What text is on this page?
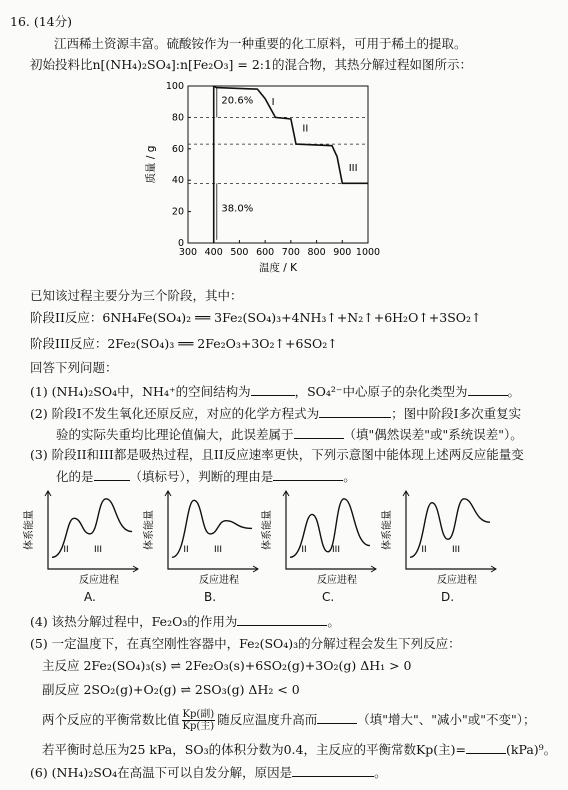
16. (14分)
江西稀土资源丰富。硫酸铵作为一种重要的化工原料，可用于稀土的提取。
初始投料比n[(NH₄)₂SO₄]:n[Fe₂O₃] = 2:1的混合物，其热分解过程如图所示：
300 400 500 600 700 800 900 1000
0
20
40
60
80
100
温度 / K
质量 / g
20.6%
38.0%
I
II
III
已知该过程主要分为三个阶段，其中：
阶段II反应：6NH₄Fe(SO₄)₂ ══ 3Fe₂(SO₄)₃+4NH₃↑+N₂↑+6H₂O↑+3SO₂↑
阶段III反应：2Fe₂(SO₄)₃ ══ 2Fe₂O₃+3O₂↑+6SO₂↑
回答下列问题：
(1) (NH₄)₂SO₄中，NH₄⁺的空间结构为	，SO₄²⁻中心原子的杂化类型为	。
(2) 阶段I不发生氧化还原反应，对应的化学方程式为	；图中阶段I多次重复实
验的实际失重均比理论值偏大，此误差属于	（填"偶然误差"或"系统误差"）。
(3) 阶段II和III都是吸热过程，且II反应速率更快，下列示意图中能体现上述两反应能量变
化的是	（填标号），判断的理由是	。
体系能量
反应进程
II	III	体系能量
反应进程
II	III	体系能量
反应进程
II	III	体系能量
反应进程
II	III
A.	B.	C.	D.
(4) 该热分解过程中，Fe₂O₃的作用为	。
(5) 一定温度下，在真空刚性容器中，Fe₂(SO₄)₃的分解过程会发生下列反应：
主反应 2Fe₂(SO₄)₃(s) ⇌ 2Fe₂O₃(s)+6SO₂(g)+3O₂(g) ΔH₁ > 0
副反应 2SO₂(g)+O₂(g) ⇌ 2SO₃(g) ΔH₂ < 0
两个反应的平衡常数比值 $\frac{\text{Kp(副)}}{\text{Kp(主)}}$ 随反应温度升高而	（填"增大"、"减小"或"不变"）；
若平衡时总压为25 kPa，SO₃的体积分数为0.4，主反应的平衡常数Kp(主)=	(kPa)⁹。
(6) (NH₄)₂SO₄在高温下可以自发分解，原因是	。
